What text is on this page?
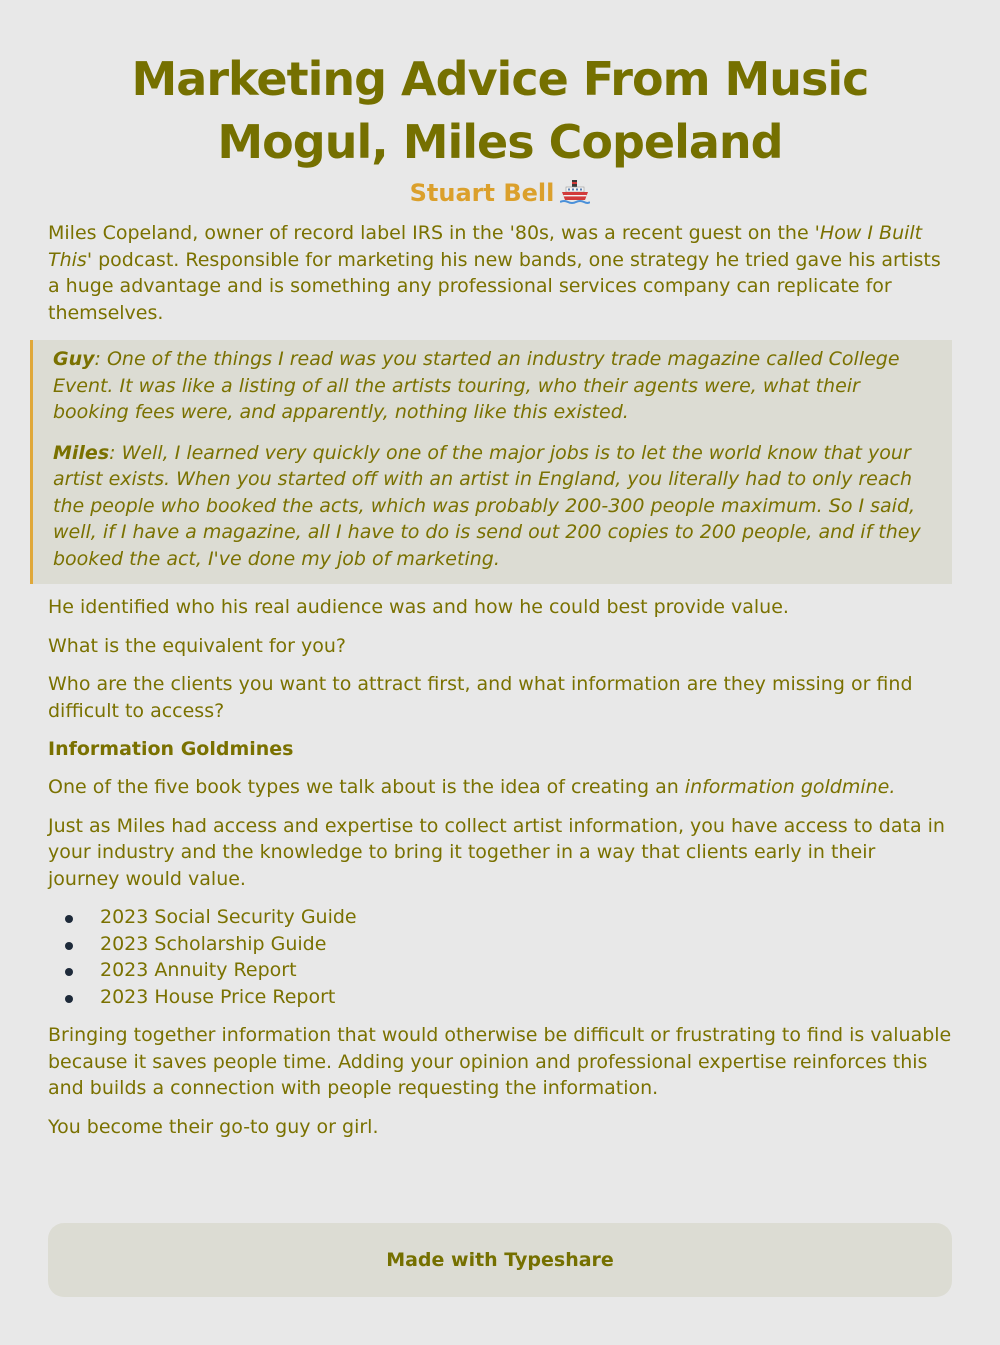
Marketing Advice From Music Mogul, Miles Copeland
Stuart Bell

Miles Copeland, owner of record label IRS in the '80s, was a recent guest on the 'How I Built This' podcast. Responsible for marketing his new bands, one strategy he tried gave his artists a huge advantage and is something any professional services company can replicate for themselves.

Guy: One of the things I read was you started an industry trade magazine called College Event. It was like a listing of all the artists touring, who their agents were, what their booking fees were, and apparently, nothing like this existed.

Miles: Well, I learned very quickly one of the major jobs is to let the world know that your artist exists. When you started off with an artist in England, you literally had to only reach the people who booked the acts, which was probably 200-300 people maximum. So I said, well, if I have a magazine, all I have to do is send out 200 copies to 200 people, and if they booked the act, I've done my job of marketing.

He identified who his real audience was and how he could best provide value.

What is the equivalent for you?

Who are the clients you want to attract first, and what information are they missing or find difficult to access?

Information Goldmines

One of the five book types we talk about is the idea of creating an information goldmine.

Just as Miles had access and expertise to collect artist information, you have access to data in your industry and the knowledge to bring it together in a way that clients early in their journey would value.

2023 Social Security Guide
2023 Scholarship Guide
2023 Annuity Report
2023 House Price Report

Bringing together information that would otherwise be difficult or frustrating to find is valuable because it saves people time. Adding your opinion and professional expertise reinforces this and builds a connection with people requesting the information.

You become their go-to guy or girl.

Made with Typeshare
